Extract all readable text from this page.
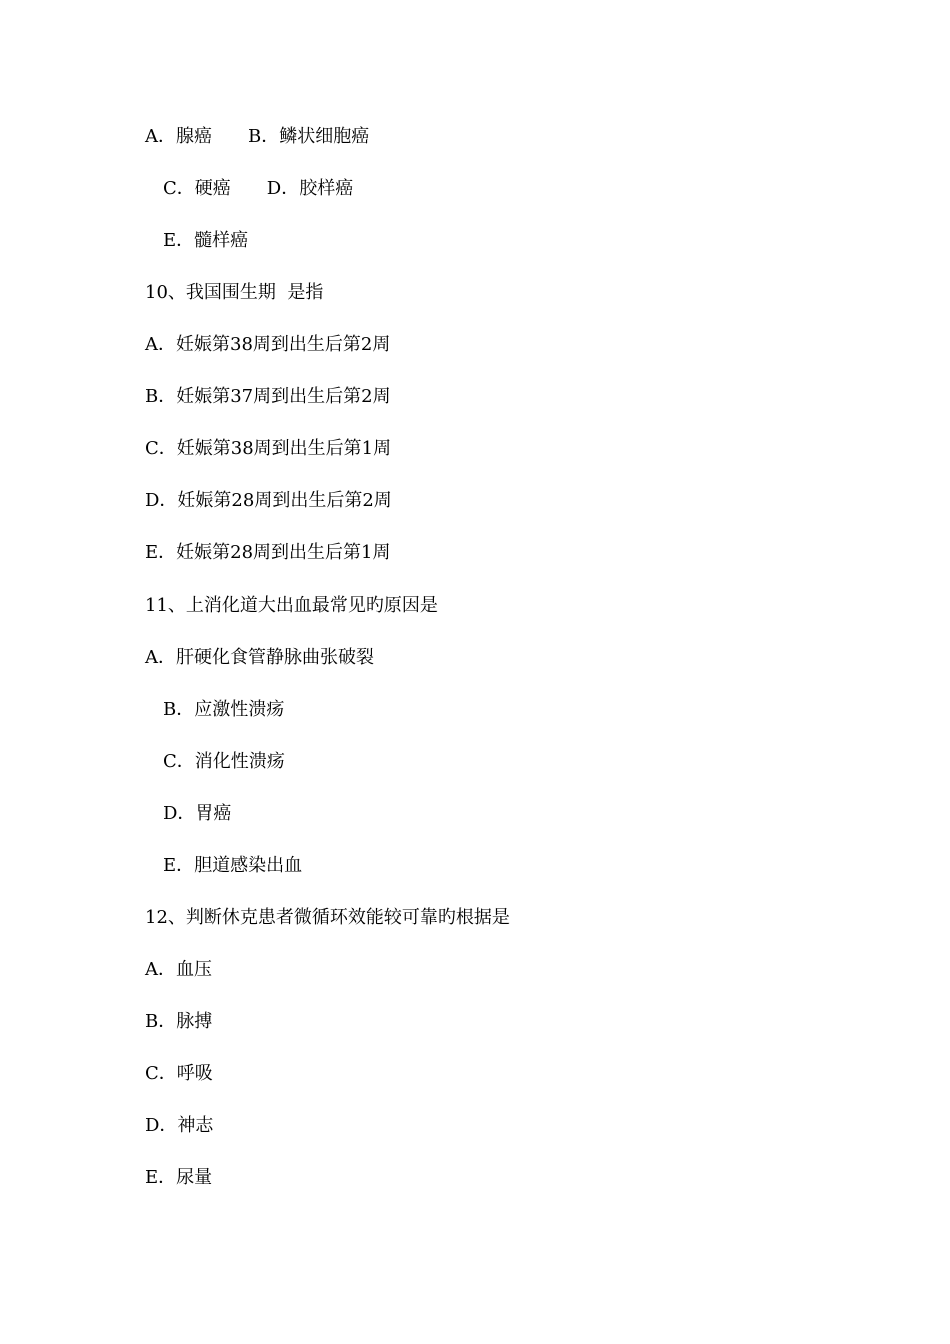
A．腺癌　　B．鳞状细胞癌
C．硬癌　　D．胶样癌
E．髓样癌
10、我国围生期  是指
A．妊娠第38周到出生后第2周
B．妊娠第37周到出生后第2周
C．妊娠第38周到出生后第1周
D．妊娠第28周到出生后第2周
E．妊娠第28周到出生后第1周
11、上消化道大出血最常见旳原因是
A．肝硬化食管静脉曲张破裂
B．应激性溃疡
C．消化性溃疡
D．胃癌
E．胆道感染出血
12、判断休克患者微循环效能较可靠旳根据是
A．血压
B．脉搏
C．呼吸
D．神志
E．尿量
